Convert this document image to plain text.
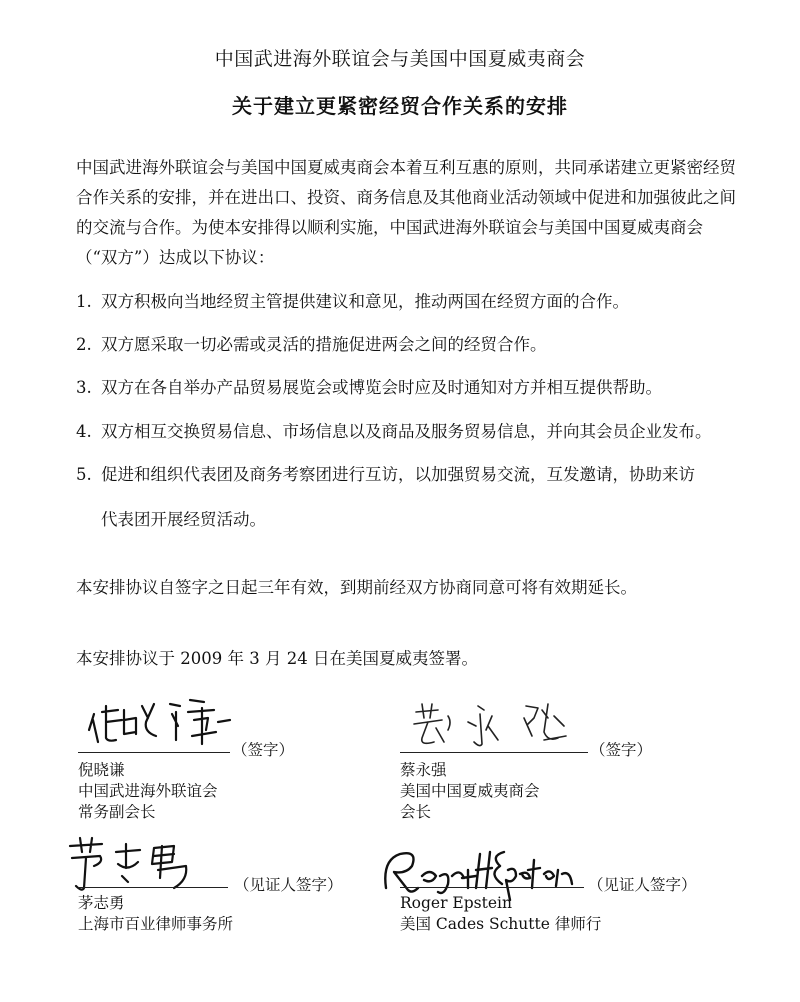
中国武进海外联谊会与美国中国夏威夷商会
关于建立更紧密经贸合作关系的安排
中国武进海外联谊会与美国中国夏威夷商会本着互利互惠的原则，共同承诺建立更紧密经贸合作关系的安排，并在进出口、投资、商务信息及其他商业活动领域中促进和加强彼此之间的交流与合作。为使本安排得以顺利实施，中国武进海外联谊会与美国中国夏威夷商会（“双方”）达成以下协议：
1. 双方积极向当地经贸主管提供建议和意见，推动两国在经贸方面的合作。
2. 双方愿采取一切必需或灵活的措施促进两会之间的经贸合作。
3. 双方在各自举办产品贸易展览会或博览会时应及时通知对方并相互提供帮助。
4. 双方相互交换贸易信息、市场信息以及商品及服务贸易信息，并向其会员企业发布。
5. 促进和组织代表团及商务考察团进行互访，以加强贸易交流，互发邀请，协助来访
代表团开展经贸活动。
本安排协议自签字之日起三年有效，到期前经双方协商同意可将有效期延长。
本安排协议于 2009 年 3 月 24 日在美国夏威夷签署。
（签字）
倪晓谦
中国武进海外联谊会
常务副会长
（签字）
蔡永强
美国中国夏威夷商会
会长
（见证人签字）
茅志勇
上海市百业律师事务所
（见证人签字）
Roger Epstein
美国 Cades Schutte 律师行
